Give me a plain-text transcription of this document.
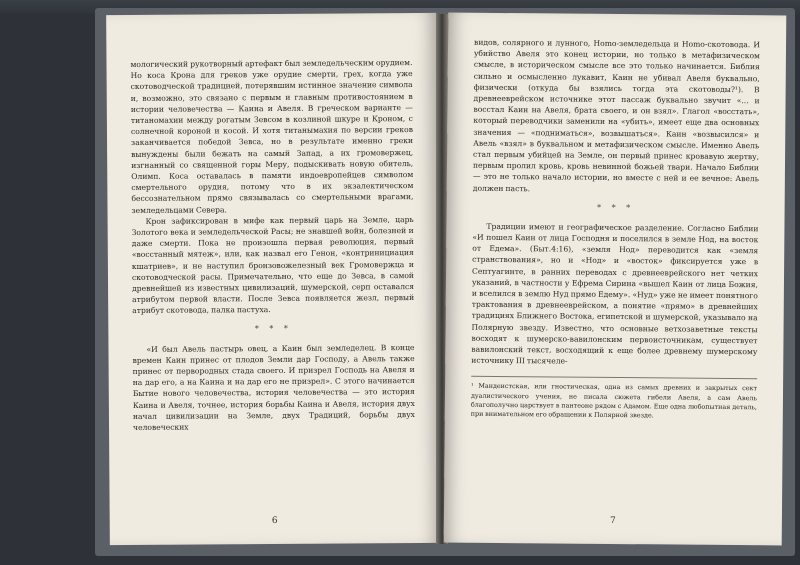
мологический рукотворный артефакт был земледельческим орудием. Но коса Крона для греков уже орудие смерти, грех, когда уже скотоводческой традицией, потерявшим истинное значение символа и, возможно, это связано с первым и главным противостоянием в истории человечества — Каина и Авеля. В греческом варианте — титаномахии между рогатым Зевсом в козлиной шкуре и Кроном, с солнечной короной и косой. И хотя титанымахия по версии греков заканчивается победой Зевса, но в результате именно греки вынуждены были бежать на самый Запад, а их громовержец, изгнанный со священной горы Меру, подыскивать новую обитель, Олимп. Коса оставалась в памяти индоевропейцев символом смертельного орудия, потому что в их экзалектическом бессознательном прямо связывалась со смертельными врагами, земледельцами Севера.

Крон зафиксирован в мифе как первый царь на Земле, царь Золотого века и земледельческой Расы; не знавшей войн, болезней и даже смерти. Пока не произошла первая революция, первый «восстанный мятеж», или, как назвал его Генон, «контринициация кшатриев», и не наступил бронзовожелезный век Громовержца и скотоводческой расы. Примечательно, что еще до Зевса, в самой древнейшей из известных цивилизаций, шумерской, серп оставался атрибутом первой власти. После Зевса появляется жезл, первый атрибут скотовода, палка пастуха.

* * *

«И был Авель пастырь овец, а Каин был земледелец. В конце времен Каин принес от плодов Земли дар Господу, а Авель также принес от первородных стада своего. И призрел Господь на Авеля и на дар его, а на Каина и на дар его не призрел». С этого начинается Бытие нового человечества, история человечества — это история Каина и Авеля, точнее, история борьбы Каина и Авеля, история двух начал цивилизации на Земле, двух Традиций, борьбы двух человеческих

6

видов, солярного и лунного, Homo-земледельца и Homo-скотовода. И убийство Авеля это конец истории, но только в метафизическом смысле, в историческом смысле все это только начинается. Библия сильно и осмысленно лукавит, Каин не убивал Авеля буквально, физически (откуда бы взялись тогда эта скотоводы?¹). В древнееврейском источнике этот пассаж буквально звучит «... и восстал Каин на Авеля, брата своего, и он взял». Глагол «восстать», который переводчики заменили на «убить», имеет еще два основных значения — «подниматься», возвышаться». Каин «возвысился» и Авель «взял» в буквальном и метафизическом смысле. Именно Авель стал первым убийцей на Земле, он первый принес кровавую жертву, первым пролил кровь, кровь невинной божьей твари. Начало Библии — это не только начало истории, но вместе с ней и ее вечное: Авель должен пасть.

* * *

Традиции имеют и географическое разделение. Согласно Библии «И пошел Каин от лица Господня и поселился в земле Нод, на восток от Едема». (Быт.4:16), «земля Нод» переводится как «земля странствования», но и «Нод» и «восток» фиксируется уже в Септуагинте, в ранних переводах с древнееврейского нет четких указаний, в частности у Ефрема Сирина «вышел Каин от лица Божия, и вселился в землю Нуд прямо Едему». «Нуд» уже не имеет понятного трактования в древнееврейском, а понятие «прямо» в древнейших традициях Ближнего Востока, египетской и шумерской, указывало на Полярную звезду. Известно, что основные ветхозаветные тексты восходят к шумерско-вавилонским первоисточникам, существует вавилонский текст, восходящий к еще более древнему шумерскому источнику III тысячеле-

¹ Мандеистская, или гностическая, одна из самых древних и закрытых сект дуалистического учения, не писала сюжета гибели Авеля, а сам Авель благополучно царствует в пантеоне рядом с Адамом. Еще одна любопытная деталь, при внимательном его обращении к Полярной звезде.

7
